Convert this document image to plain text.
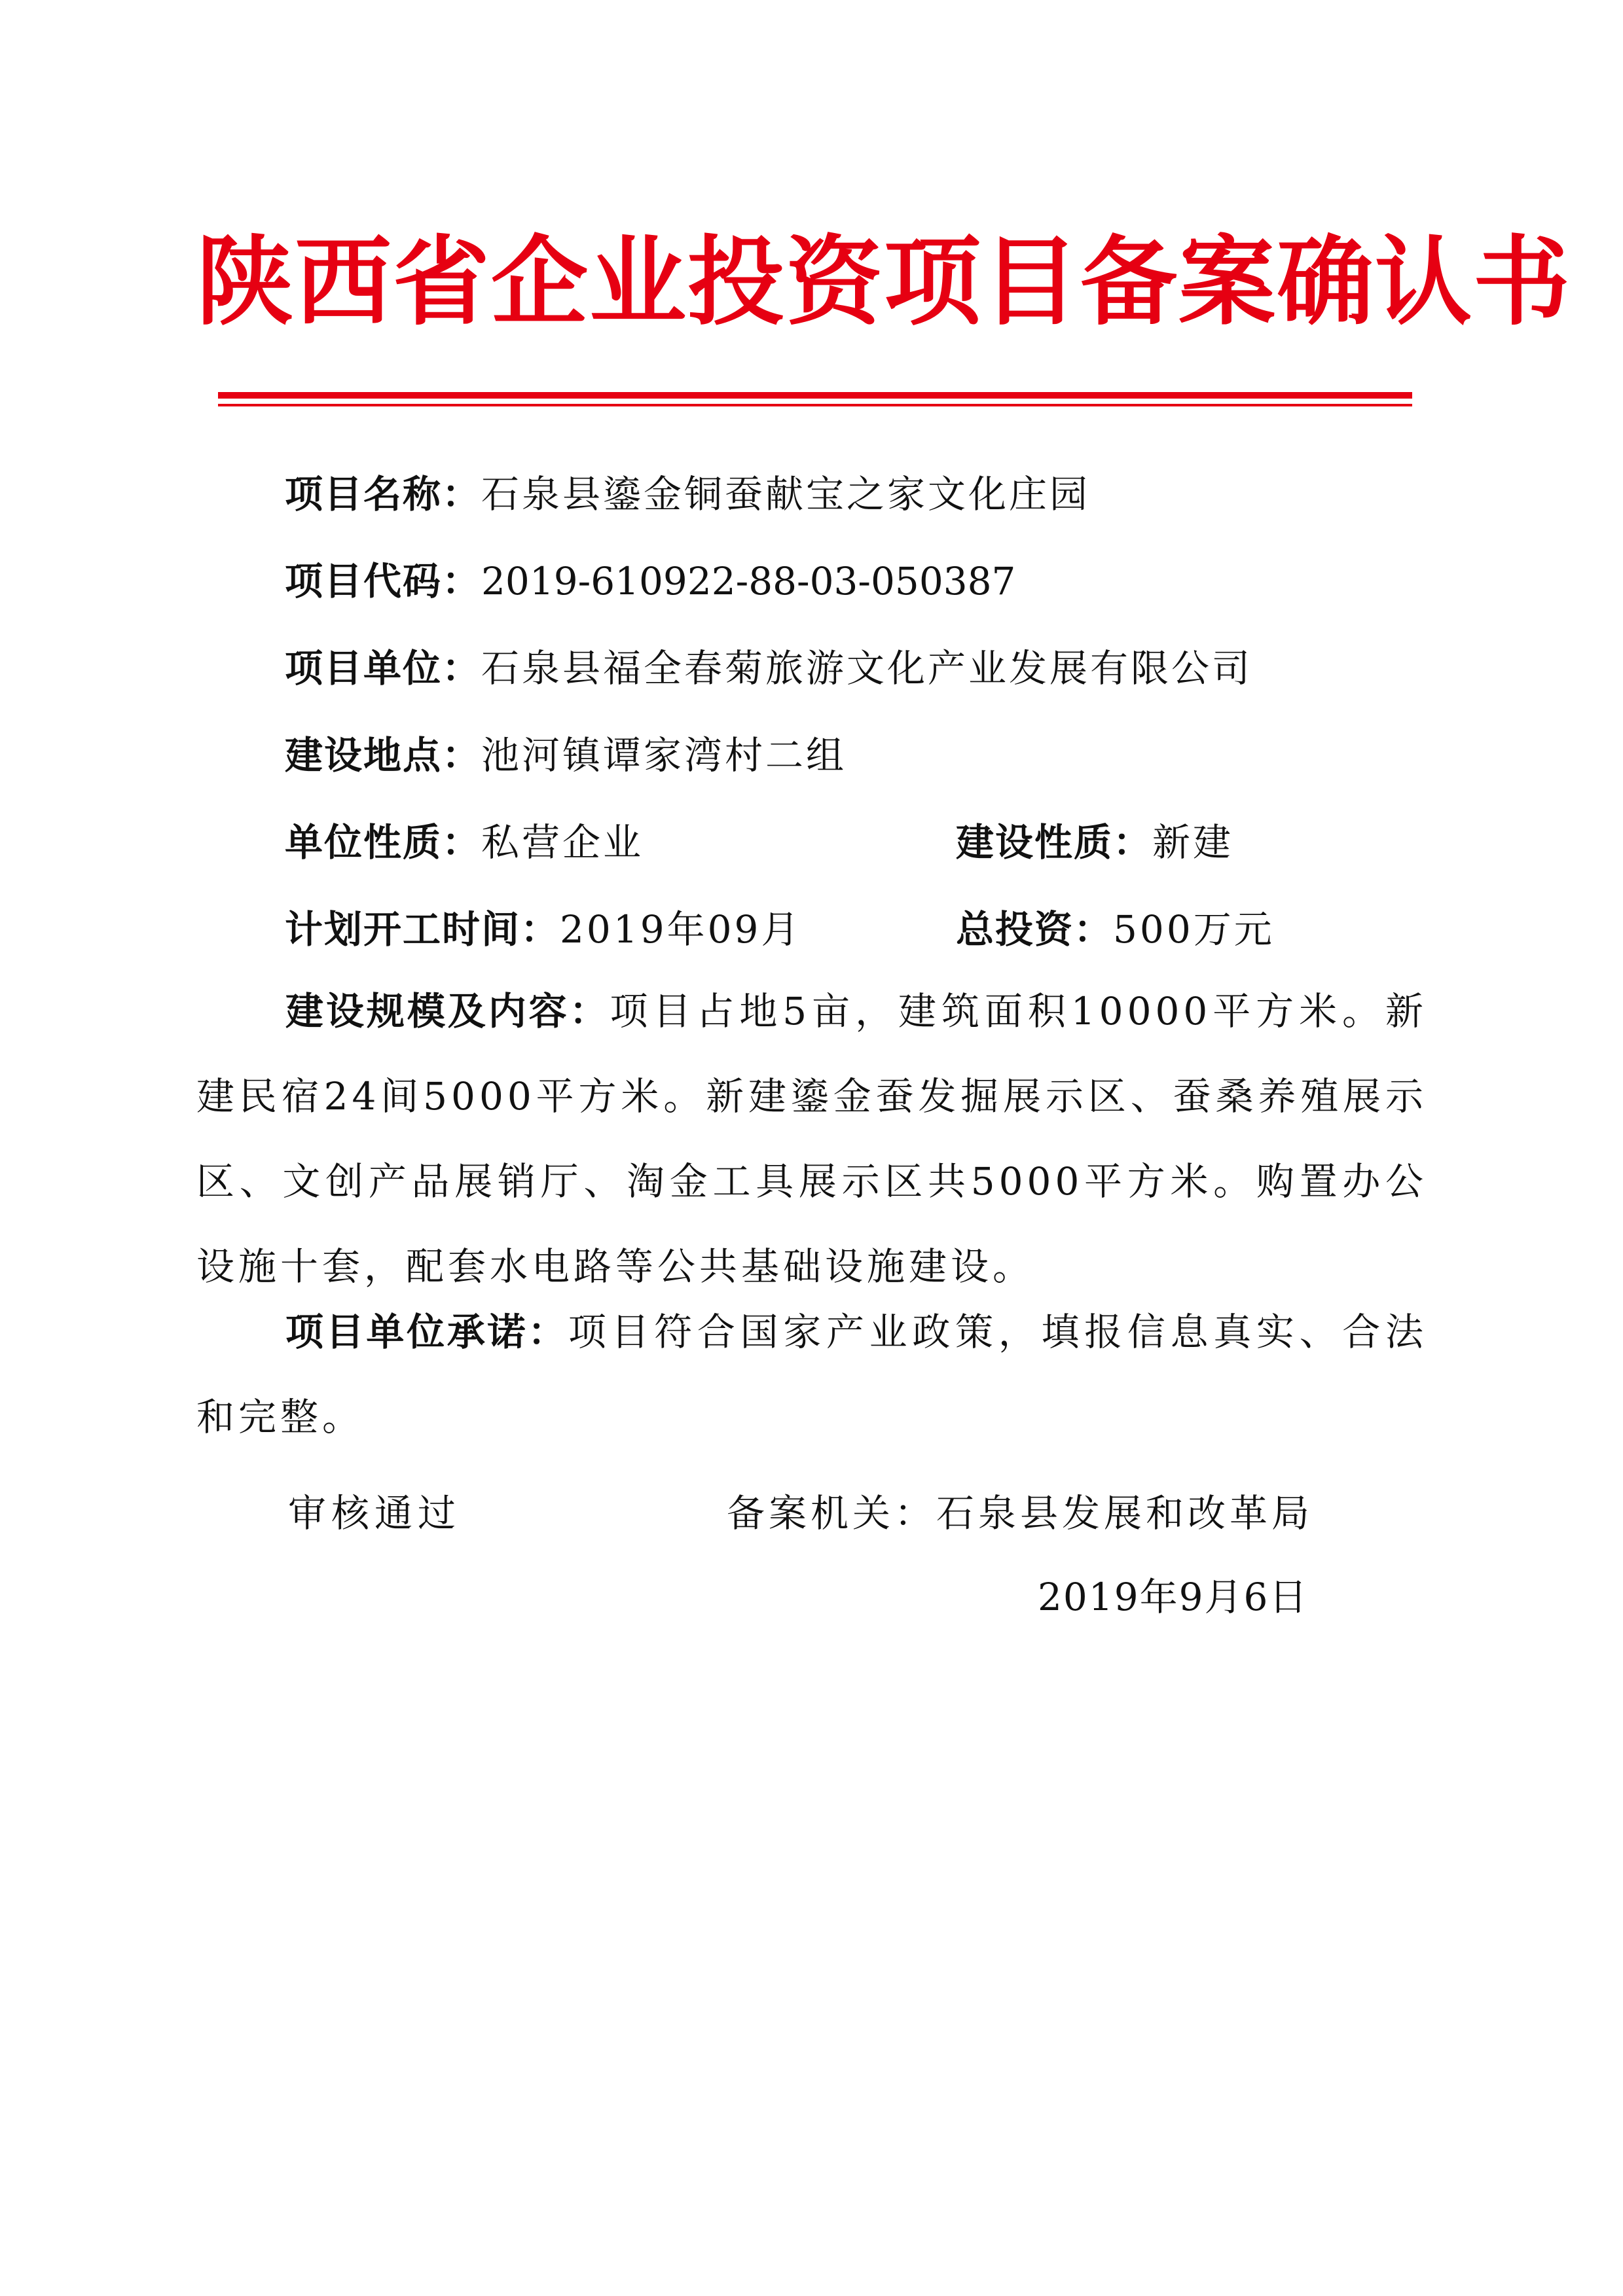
陕西省企业投资项目备案确认书
项目名称：石泉县鎏金铜蚕献宝之家文化庄园
项目代码：2019-610922-88-03-050387
项目单位：石泉县福全春菊旅游文化产业发展有限公司
建设地点：池河镇谭家湾村二组
单位性质：私营企业	建设性质：新建
计划开工时间：2019年09月	总投资：500万元
建设规模及内容：项目占地5亩，建筑面积10000平方米。新建民宿24间5000平方米。新建鎏金蚕发掘展示区、蚕桑养殖展示区、文创产品展销厅、淘金工具展示区共5000平方米。购置办公设施十套，配套水电路等公共基础设施建设。
项目单位承诺：项目符合国家产业政策，填报信息真实、合法和完整。
审核通过	备案机关：石泉县发展和改革局
2019年9月6日
